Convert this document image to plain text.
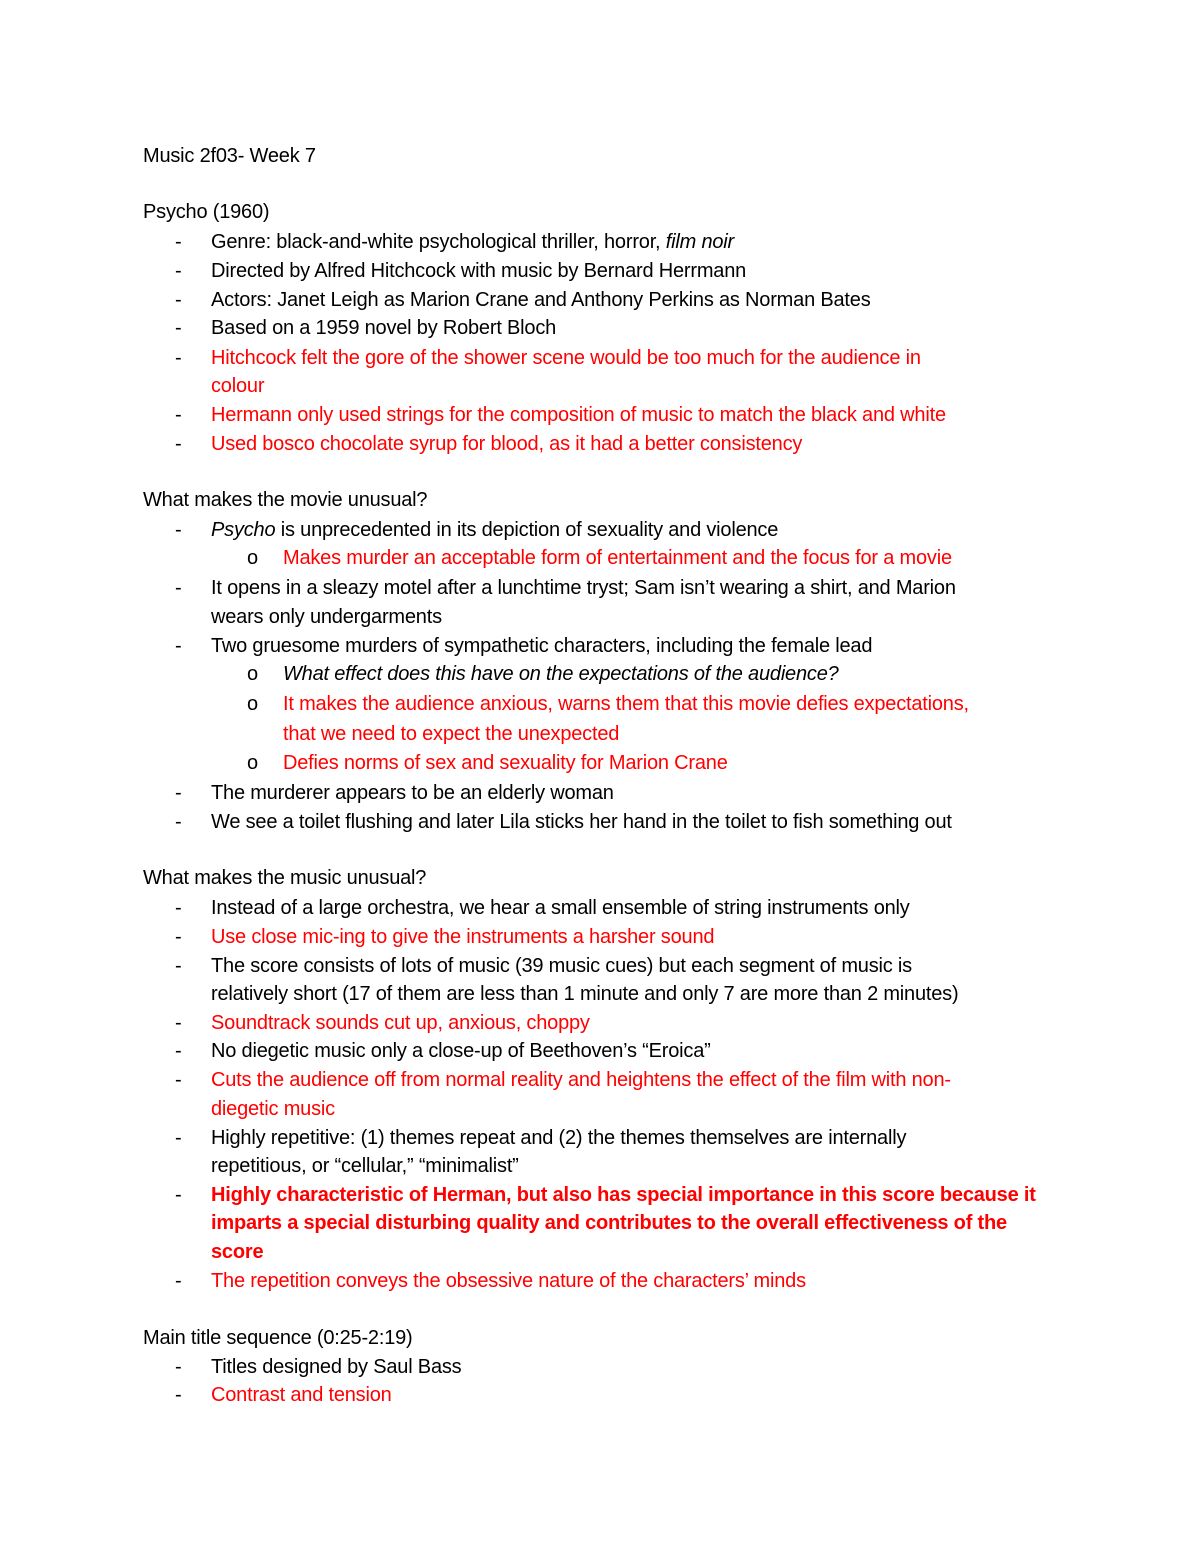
Music 2f03- Week 7
Psycho (1960)
- Genre: black-and-white psychological thriller, horror, film noir
- Directed by Alfred Hitchcock with music by Bernard Herrmann
- Actors: Janet Leigh as Marion Crane and Anthony Perkins as Norman Bates
- Based on a 1959 novel by Robert Bloch
- Hitchcock felt the gore of the shower scene would be too much for the audience in
colour
- Hermann only used strings for the composition of music to match the black and white
- Used bosco chocolate syrup for blood, as it had a better consistency
What makes the movie unusual?
- Psycho is unprecedented in its depiction of sexuality and violence
o Makes murder an acceptable form of entertainment and the focus for a movie
- It opens in a sleazy motel after a lunchtime tryst; Sam isn’t wearing a shirt, and Marion
wears only undergarments
- Two gruesome murders of sympathetic characters, including the female lead
o What effect does this have on the expectations of the audience?
o It makes the audience anxious, warns them that this movie defies expectations,
that we need to expect the unexpected
o Defies norms of sex and sexuality for Marion Crane
- The murderer appears to be an elderly woman
- We see a toilet flushing and later Lila sticks her hand in the toilet to fish something out
What makes the music unusual?
- Instead of a large orchestra, we hear a small ensemble of string instruments only
- Use close mic-ing to give the instruments a harsher sound
- The score consists of lots of music (39 music cues) but each segment of music is
relatively short (17 of them are less than 1 minute and only 7 are more than 2 minutes)
- Soundtrack sounds cut up, anxious, choppy
- No diegetic music only a close-up of Beethoven’s “Eroica”
- Cuts the audience off from normal reality and heightens the effect of the film with non-
diegetic music
- Highly repetitive: (1) themes repeat and (2) the themes themselves are internally
repetitious, or “cellular,” “minimalist”
- Highly characteristic of Herman, but also has special importance in this score because it
imparts a special disturbing quality and contributes to the overall effectiveness of the
score
- The repetition conveys the obsessive nature of the characters’ minds
Main title sequence (0:25-2:19)
- Titles designed by Saul Bass
- Contrast and tension
